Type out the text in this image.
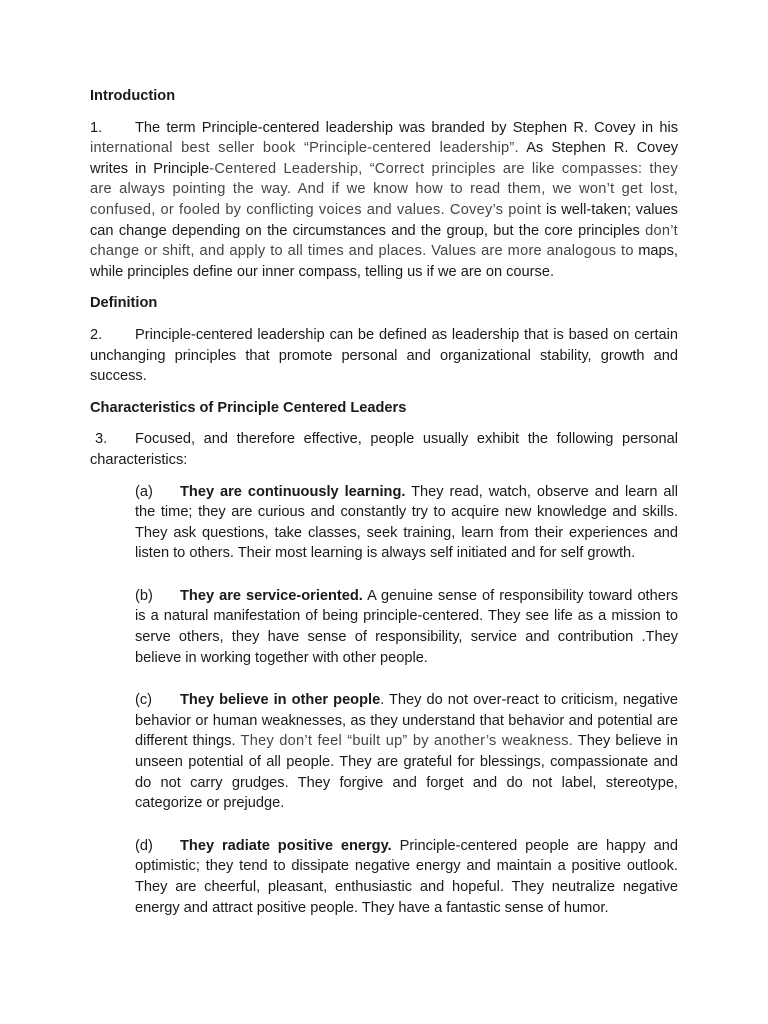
Introduction
1. The term Principle-centered leadership was branded by Stephen R. Covey in his international best seller book “Principle-centered leadership”. As Stephen R. Covey writes in Principle-Centered Leadership, “Correct principles are like compasses: they are always pointing the way. And if we know how to read them, we won’t get lost, confused, or fooled by conflicting voices and values. Covey’s point is well-taken; values can change depending on the circumstances and the group, but the core principles don’t change or shift, and apply to all times and places. Values are more analogous to maps, while principles define our inner compass, telling us if we are on course.
Definition
2. Principle-centered leadership can be defined as leadership that is based on certain unchanging principles that promote personal and organizational stability, growth and success.
Characteristics of Principle Centered Leaders
3. Focused, and therefore effective, people usually exhibit the following personal characteristics:
(a) They are continuously learning. They read, watch, observe and learn all the time; they are curious and constantly try to acquire new knowledge and skills. They ask questions, take classes, seek training, learn from their experiences and listen to others. Their most learning is always self initiated and for self growth.
(b) They are service-oriented. A genuine sense of responsibility toward others is a natural manifestation of being principle-centered. They see life as a mission to serve others, they have sense of responsibility, service and contribution .They believe in working together with other people.
(c) They believe in other people. They do not over-react to criticism, negative behavior or human weaknesses, as they understand that behavior and potential are different things. They don’t feel “built up” by another’s weakness. They believe in unseen potential of all people. They are grateful for blessings, compassionate and do not carry grudges. They forgive and forget and do not label, stereotype, categorize or prejudge.
(d) They radiate positive energy. Principle-centered people are happy and optimistic; they tend to dissipate negative energy and maintain a positive outlook. They are cheerful, pleasant, enthusiastic and hopeful. They neutralize negative energy and attract positive people. They have a fantastic sense of humor.
